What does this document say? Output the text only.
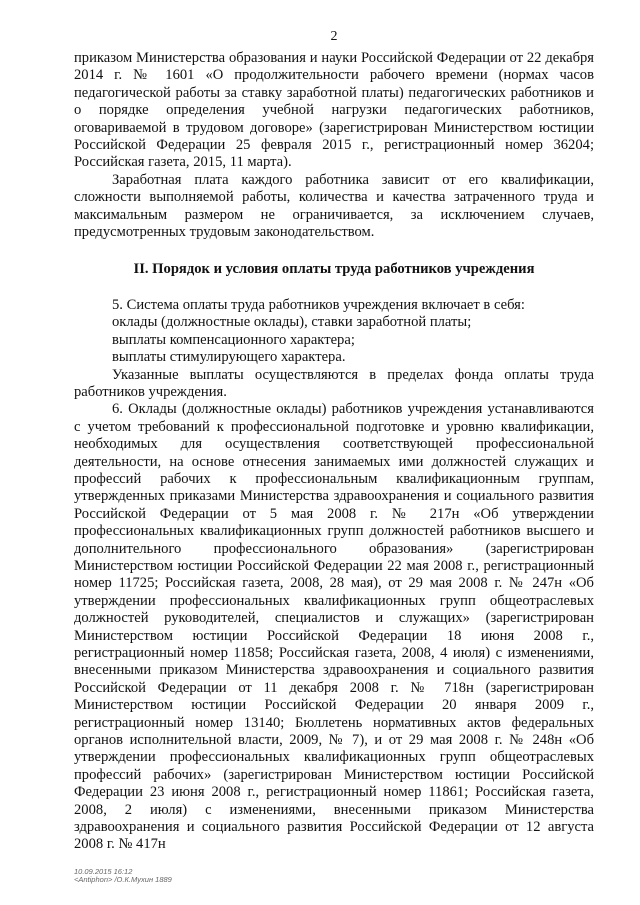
2

приказом Министерства образования и науки Российской Федерации от 22 декабря 2014 г. № 1601 «О продолжительности рабочего времени (нормах часов педагогической работы за ставку заработной платы) педагогических работников и о порядке определения учебной нагрузки педагогических работников, оговариваемой в трудовом договоре» (зарегистрирован Министерством юстиции Российской Федерации 25 февраля 2015 г., регистрационный номер 36204; Российская газета, 2015, 11 марта).

Заработная плата каждого работника зависит от его квалификации, сложности выполняемой работы, количества и качества затраченного труда и максимальным размером не ограничивается, за исключением случаев, предусмотренных трудовым законодательством.

II. Порядок и условия оплаты труда работников учреждения

5. Система оплаты труда работников учреждения включает в себя:

оклады (должностные оклады), ставки заработной платы;

выплаты компенсационного характера;

выплаты стимулирующего характера.

Указанные выплаты осуществляются в пределах фонда оплаты труда работников учреждения.

6. Оклады (должностные оклады) работников учреждения устанавливаются с учетом требований к профессиональной подготовке и уровню квалификации, необходимых для осуществления соответствующей профессиональной деятельности, на основе отнесения занимаемых ими должностей служащих и профессий рабочих к профессиональным квалификационным группам, утвержденных приказами Министерства здравоохранения и социального развития Российской Федерации от 5 мая 2008 г. № 217н «Об утверждении профессиональных квалификационных групп должностей работников высшего и дополнительного профессионального образования» (зарегистрирован Министерством юстиции Российской Федерации 22 мая 2008 г., регистрационный номер 11725; Российская газета, 2008, 28 мая), от 29 мая 2008 г. № 247н «Об утверждении профессиональных квалификационных групп общеотраслевых должностей руководителей, специалистов и служащих» (зарегистрирован Министерством юстиции Российской Федерации 18 июня 2008 г., регистрационный номер 11858; Российская газета, 2008, 4 июля) с изменениями, внесенными приказом Министерства здравоохранения и социального развития Российской Федерации от 11 декабря 2008 г. № 718н (зарегистрирован Министерством юстиции Российской Федерации 20 января 2009 г., регистрационный номер 13140; Бюллетень нормативных актов федеральных органов исполнительной власти, 2009, № 7), и от 29 мая 2008 г. № 248н «Об утверждении профессиональных квалификационных групп общеотраслевых профессий рабочих» (зарегистрирован Министерством юстиции Российской Федерации 23 июня 2008 г., регистрационный номер 11861; Российская газета, 2008, 2 июля) с изменениями, внесенными приказом Министерства здравоохранения и социального развития Российской Федерации от 12 августа 2008 г. № 417н

10.09.2015 16:12
<Antiphon> /О.К.Мухин 1889
